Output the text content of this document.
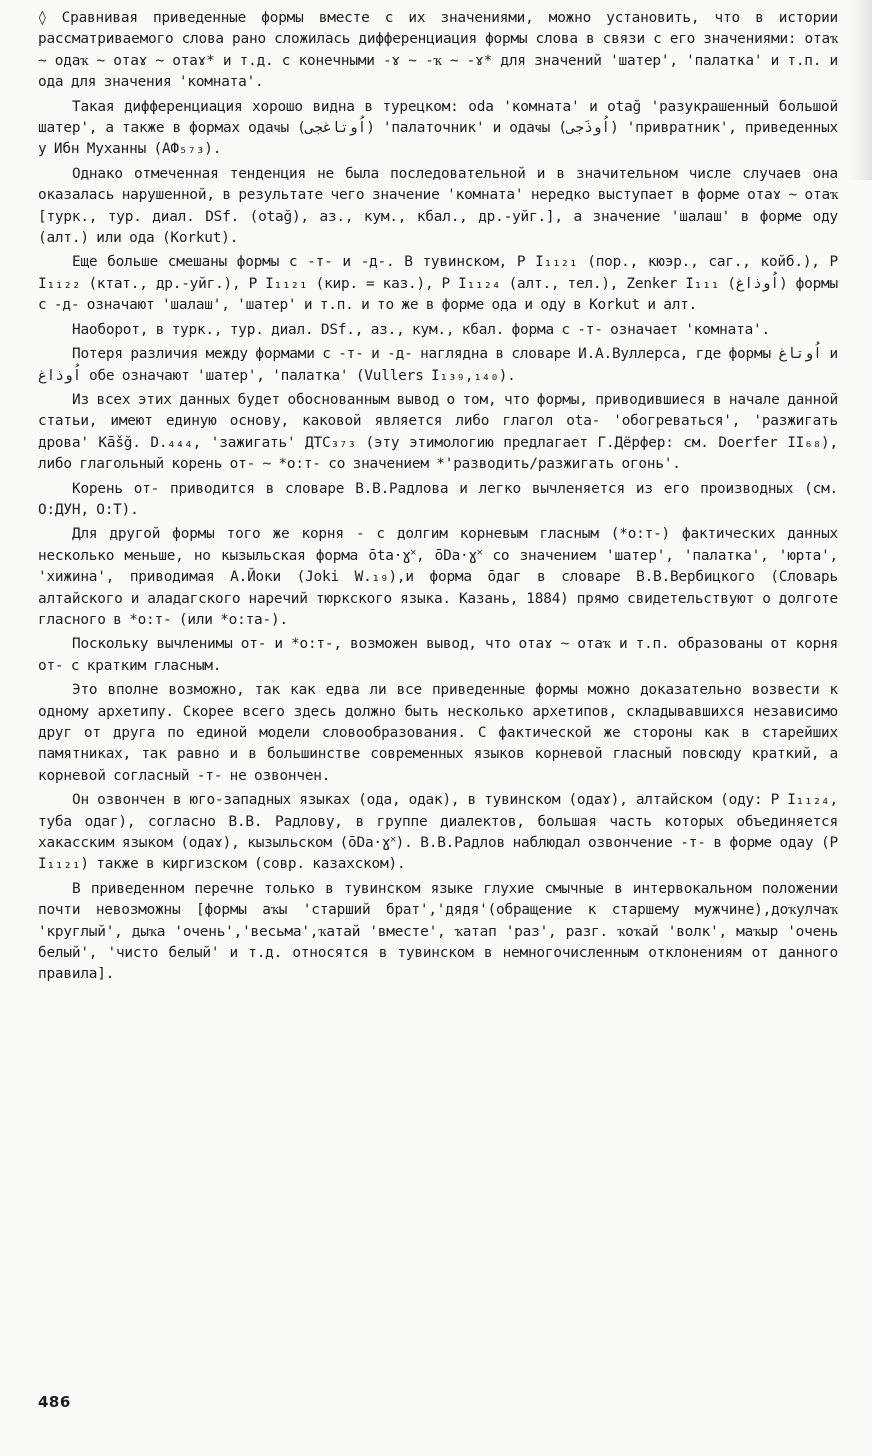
◊ Сравнивая приведенные формы вместе с их значениями, можно установить, что в истории рассматриваемого слова рано сложилась дифференциация формы слова в связи с его значениями: отаҡ ~ одаҡ ~ отаɤ ~ отаɤ* и т.д. с конечными -ɤ ~ -ҡ ~ -ɤ* для значений 'шатер', 'палатка' и т.п. и ода для значения 'комната'.

Такая дифференциация хорошо видна в турецком: oda 'комната' и otağ 'разукрашенный большой шатер', а также в формах одаҹы (اُوتاغجی) 'палаточник' и одаҹы (اُوذَجی) 'привратник', приведенных у Ибн Муханны (АФ₅₇₃).

Однако отмеченная тенденция не была последовательной и в значительном числе случаев она оказалась нарушенной, в результате чего значение 'комната' нередко выступает в форме отаɤ ~ отаҡ [турк., тур. диал. DSf. (otağ), аз., кум., кбал., др.-уйг.], а значение 'шалаш' в форме оду (алт.) или ода (Korkut).

Еще больше смешаны формы с -т- и -д-. В тувинском, Р I₁₁₂₁ (пор., кюэр., саг., койб.), Р I₁₁₂₂ (ктат., др.-уйг.), Р I₁₁₂₁ (кир. = каз.), Р I₁₁₂₄ (алт., тел.), Zenker I₁₁₁ (اُوذاغ) формы с -д- означают 'шалаш', 'шатер' и т.п. и то же в форме ода и оду в Korkut и алт.

Наоборот, в турк., тур. диал. DSf., аз., кум., кбал. форма с -т- означает 'комната'.

Потеря различия между формами с -т- и -д- наглядна в словаре И.А.Вуллерса, где формы اُوتاغ и اُوذاغ обе означают 'шатер', 'палатка' (Vullers I₁₃₉,₁₄₀).

Из всех этих данных будет обоснованным вывод о том, что формы, приводившиеся в начале данной статьи, имеют единую основу, каковой является либо глагол ota- 'обогреваться', 'разжигать дрова' Kāšğ. D.₄₄₄, 'зажигать' ДТС₃₇₃ (эту этимологию предлагает Г.Дёрфер: см. Doerfer II₆₈), либо глагольный корень от- ~ *о:т- со значением *'разводить/разжигать огонь'.

Корень от- приводится в словаре В.В.Радлова и легко вычленяется из его производных (см. О:ДУН, О:Т).

Для другой формы того же корня - с долгим корневым гласным (*о:т-) фактических данных несколько меньше, но кызыльская форма ōta·ɣ˟, ōDa·ɣ˟ со значением 'шатер', 'палатка', 'юрта', 'хижина', приводимая А.Йоки (Joki W.₁₉),и форма ōдаг в словаре В.В.Вербицкого (Словарь алтайского и аладагского наречий тюркского языка. Казань, 1884) прямо свидетельствуют о долготе гласного в *о:т- (или *о:та-).

Поскольку вычленимы от- и *о:т-, возможен вывод, что отаɤ ~ отаҡ и т.п. образованы от корня от- с кратким гласным.

Это вполне возможно, так как едва ли все приведенные формы можно доказательно возвести к одному архетипу. Скорее всего здесь должно быть несколько архетипов, складывавшихся независимо друг от друга по единой модели словообразования. С фактической же стороны как в старейших памятниках, так равно и в большинстве современных языков корневой гласный повсюду краткий, а корневой согласный -т- не озвончен.

Он озвончен в юго-западных языках (ода, одак), в тувинском (одаɤ), алтайском (оду: Р I₁₁₂₄, туба одаг), согласно В.В. Радлову, в группе диалектов, большая часть которых объединяется хакасским языком (одаɤ), кызыльском (ōDa·ɣ˟). В.В.Радлов наблюдал озвончение -т- в форме одау (Р I₁₁₂₁) также в киргизском (совр. казахском).

В приведенном перечне только в тувинском языке глухие смычные в интервокальном положении почти невозможны [формы аҡы 'старший брат','дядя'(обращение к старшему мужчине),доҡулчаҡ 'круглый', дыҡа 'очень','весьма',ҡатай 'вместе', ҡатап 'раз', разг. ҡоҡай 'волк', маҡыр 'очень белый', 'чисто белый' и т.д. относятся в тувинском в немногочисленным отклонениям от данного правила].

486
